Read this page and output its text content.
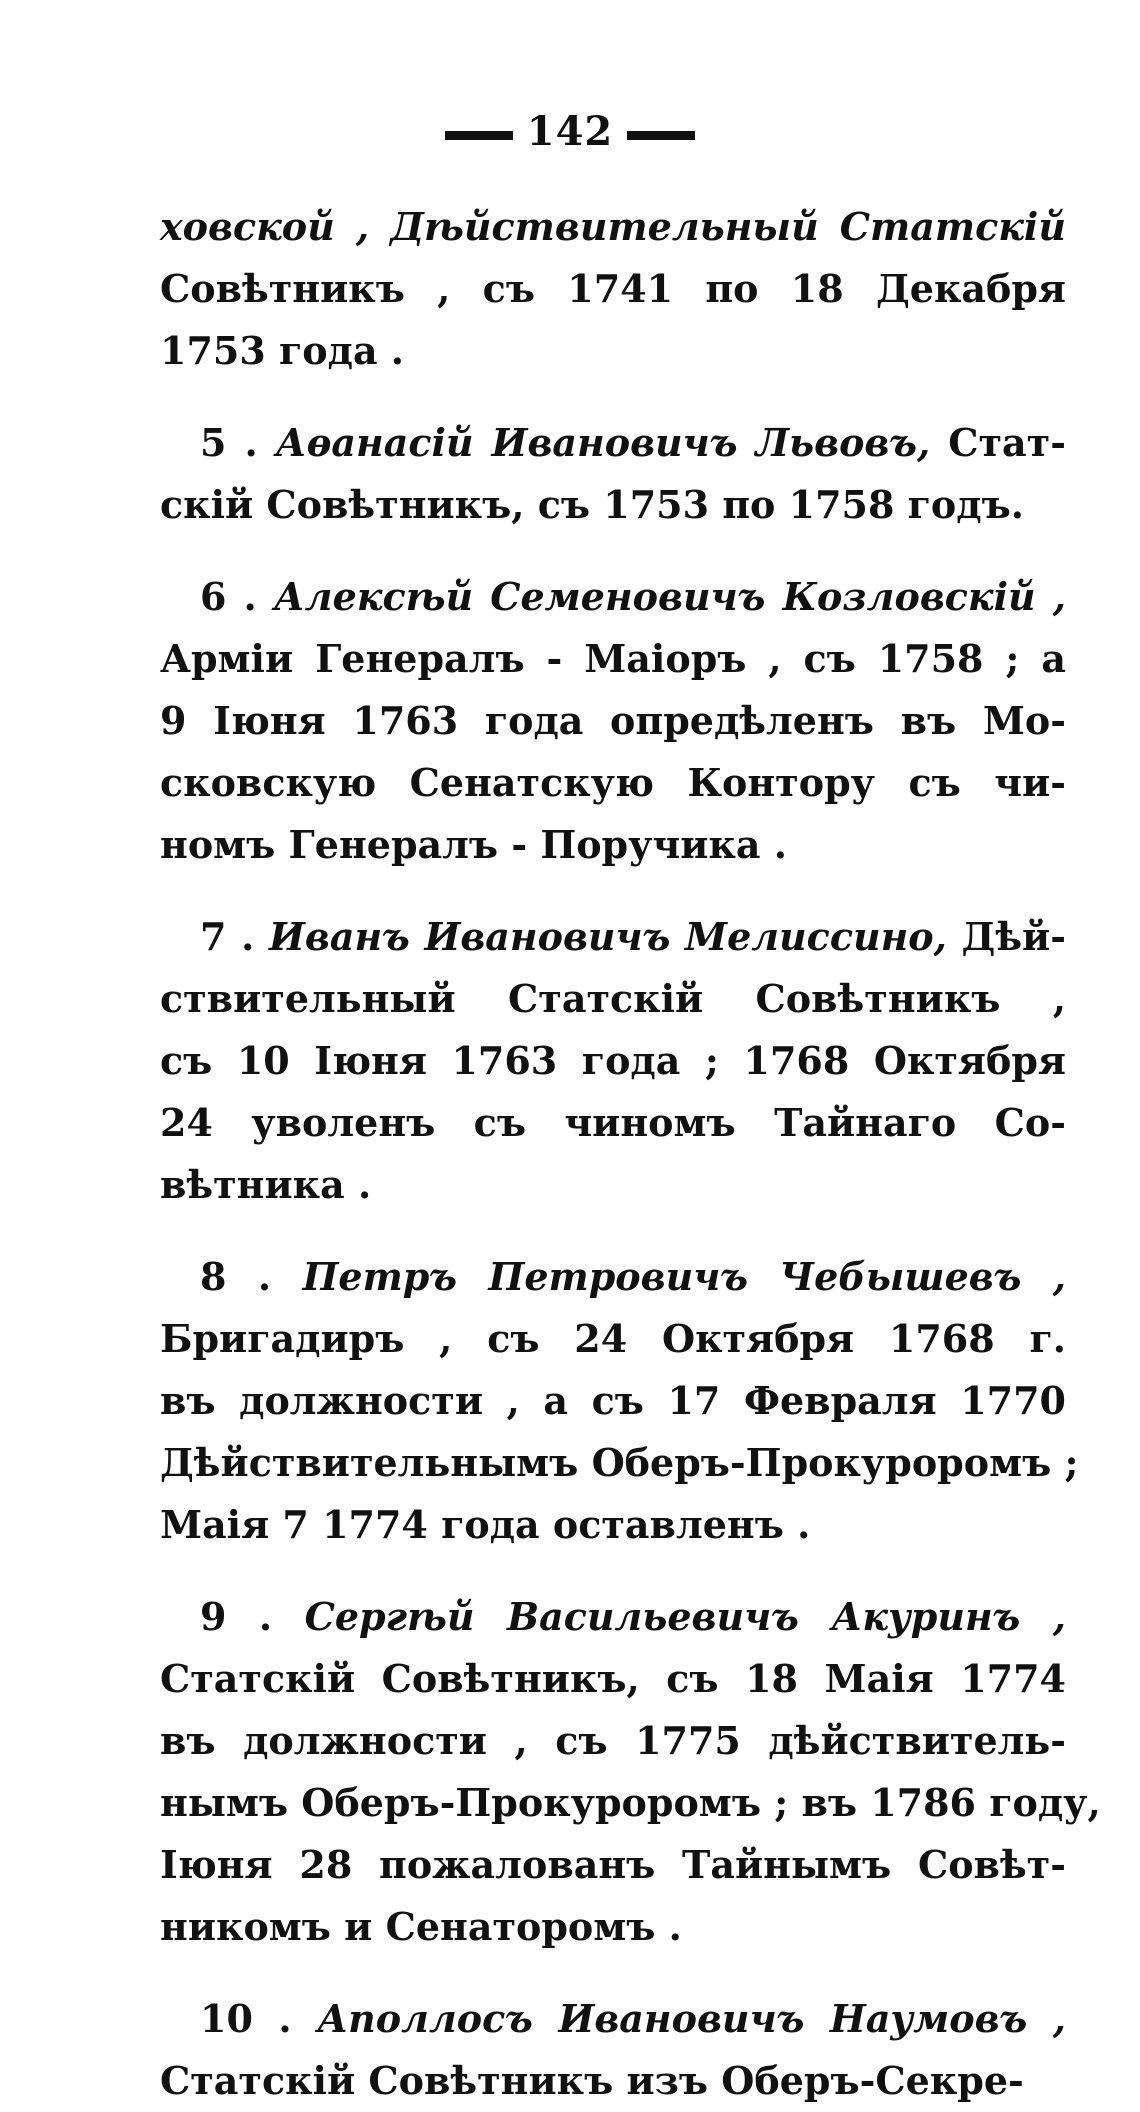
142
ховской , Дѣйствительный Статскій
Совѣтникъ , съ 1741 по 18 Декабря
1753 года .
5 . Аѳанасій Ивановичъ Львовъ, Стат-
скій Совѣтникъ, съ 1753 по 1758 годъ.
6 . Алексѣй Семеновичъ Козловскій ,
Арміи Генералъ - Маіоръ , съ 1758 ; а
9 Іюня 1763 года опредѣленъ въ Мо-
сковскую Сенатскую Контору съ чи-
номъ Генералъ - Поручика .
7 . Иванъ Ивановичъ Мелиссино, Дѣй-
ствительный Статскій Совѣтникъ ,
съ 10 Іюня 1763 года ; 1768 Октября
24 уволенъ съ чиномъ Тайнаго Со-
вѣтника .
8 . Петръ Петровичъ Чебышевъ ,
Бригадиръ , съ 24 Октября 1768 г.
въ должности , а съ 17 Февраля 1770
Дѣйствительнымъ Оберъ-Прокуроромъ ;
Маія 7 1774 года оставленъ .
9 . Сергѣй Васильевичъ Акуринъ ,
Статскій Совѣтникъ, съ 18 Маія 1774
въ должности , съ 1775 дѣйствитель-
нымъ Оберъ-Прокуроромъ ; въ 1786 году,
Іюня 28 пожалованъ Тайнымъ Совѣт-
никомъ и Сенаторомъ .
10 . Аполлосъ Ивановичъ Наумовъ ,
Статскій Совѣтникъ изъ Оберъ-Секре-
